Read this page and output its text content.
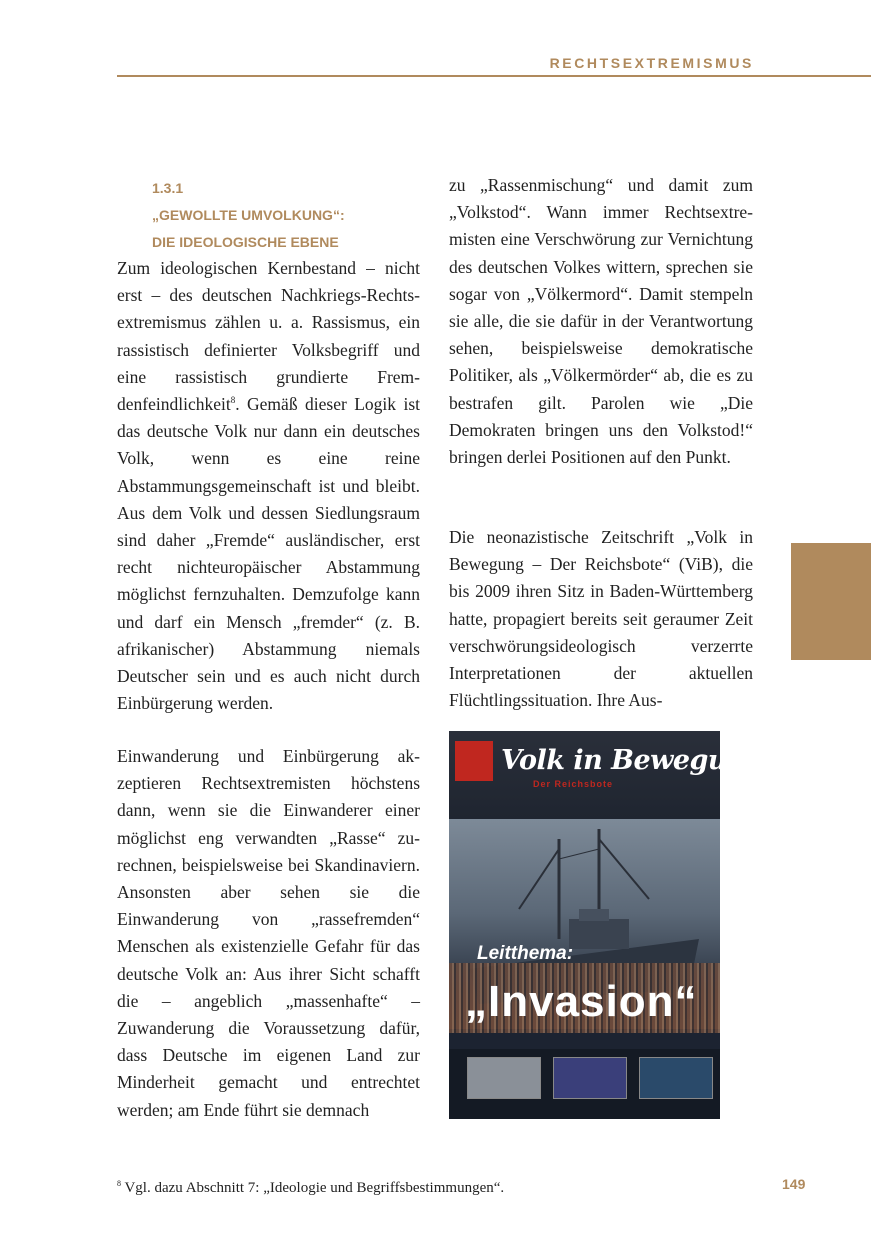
RECHTSEXTREMISMUS
1.3.1
„GEWOLLTE UMVOLKUNG“:
DIE IDEOLOGISCHE EBENE

Zum ideologischen Kernbestand – nicht erst – des deutschen Nachkriegs-Rechtsextremismus zählen u. a. Rassismus, ein rassistisch definierter Volksbegriff und eine rassistisch grundierte Fremdenfeindlichkeit$^8$. Gemäß dieser Logik ist das deutsche Volk nur dann ein deutsches Volk, wenn es eine reine Abstammungsgemeinschaft ist und bleibt. Aus dem Volk und dessen Siedlungsraum sind daher „Fremde“ ausländischer, erst recht nichteuropäischer Abstammung möglichst fernzuhalten. Demzufolge kann und darf ein Mensch „fremder“ (z. B. afrikanischer) Abstammung niemals Deutscher sein und es auch nicht durch Einbürgerung werden.

Einwanderung und Einbürgerung akzeptieren Rechtsextremisten höchstens dann, wenn sie die Einwanderer einer möglichst eng verwandten „Rasse“ zurechnen, beispielsweise bei Skandinaviern. Ansonsten aber sehen sie die Einwanderung von „rassefremden“ Menschen als existenzielle Gefahr für das deutsche Volk an: Aus ihrer Sicht schafft die – angeblich „massenhafte“ – Zuwanderung die Voraussetzung dafür, dass Deutsche im eigenen Land zur Minderheit gemacht und entrechtet werden; am Ende führt sie demnach

zu „Rassenmischung“ und damit zum „Volkstod“. Wann immer Rechtsextremisten eine Verschwörung zur Vernichtung des deutschen Volkes wittern, sprechen sie sogar von „Völkermord“. Damit stempeln sie alle, die sie dafür in der Verantwortung sehen, beispielsweise demokratische Politiker, als „Völkermörder“ ab, die es zu bestrafen gilt. Parolen wie „Die Demokraten bringen uns den Volkstod!“ bringen derlei Positionen auf den Punkt.

Die neonazistische Zeitschrift „Volk in Bewegung – Der Reichsbote“ (ViB), die bis 2009 ihren Sitz in Baden-Württemberg hatte, propagiert bereits seit geraumer Zeit verschwörungsideologisch verzerrte Interpretationen der aktuellen Flüchtlingssituation. Ihre Aus-

Volk in Bewegung
Der Reichsbote
Leitthema:
„Invasion“
$^8$ Vgl. dazu Abschnitt 7: „Ideologie und Begriffsbestimmungen“.	149
